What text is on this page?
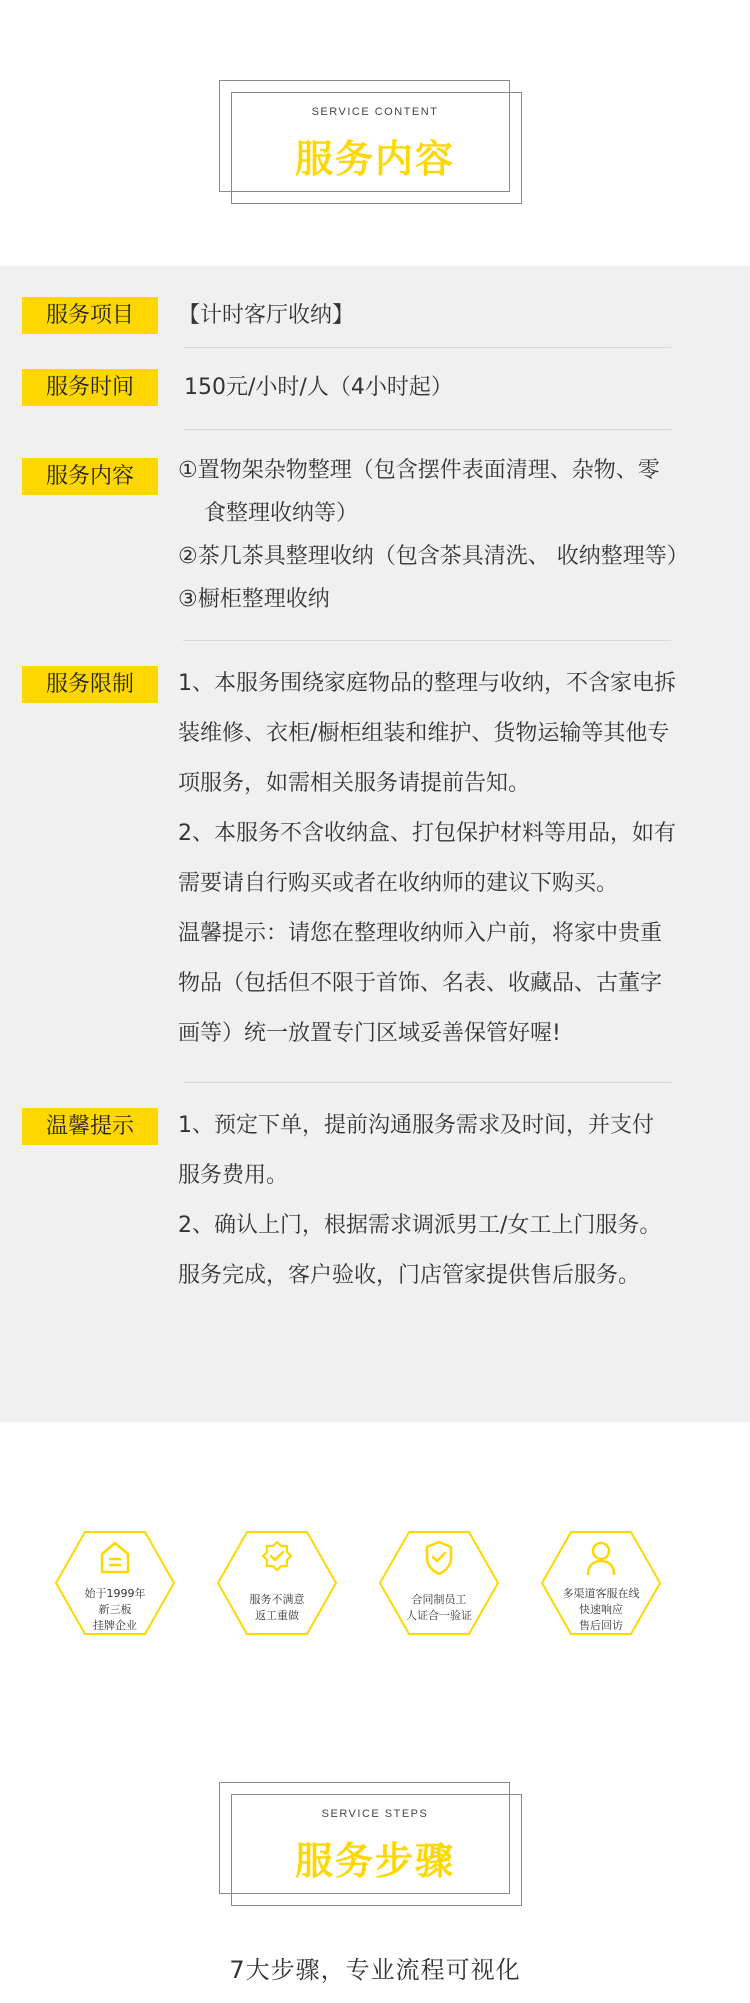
SERVICE CONTENT
服务内容
服务项目	【计时客厅收纳】
服务时间	150元/小时/人（4小时起）
服务内容	①置物架杂物整理（包含摆件表面清理、杂物、零
食整理收纳等）
②茶几茶具整理收纳（包含茶具清洗、 收纳整理等）
③橱柜整理收纳
服务限制	1、本服务围绕家庭物品的整理与收纳，不含家电拆
装维修、衣柜/橱柜组装和维护、货物运输等其他专
项服务，如需相关服务请提前告知。
2、本服务不含收纳盒、打包保护材料等用品，如有
需要请自行购买或者在收纳师的建议下购买。
温馨提示：请您在整理收纳师入户前，将家中贵重
物品（包括但不限于首饰、名表、收藏品、古董字
画等）统一放置专门区域妥善保管好喔!
温馨提示	1、预定下单，提前沟通服务需求及时间，并支付
服务费用。
2、确认上门，根据需求调派男工/女工上门服务。
服务完成，客户验收，门店管家提供售后服务。
始于1999年
新三板
挂牌企业
服务不满意
返工重做
合同制员工
人证合一验证
多渠道客服在线
快速响应
售后回访
SERVICE STEPS
服务步骤
7大步骤，专业流程可视化
